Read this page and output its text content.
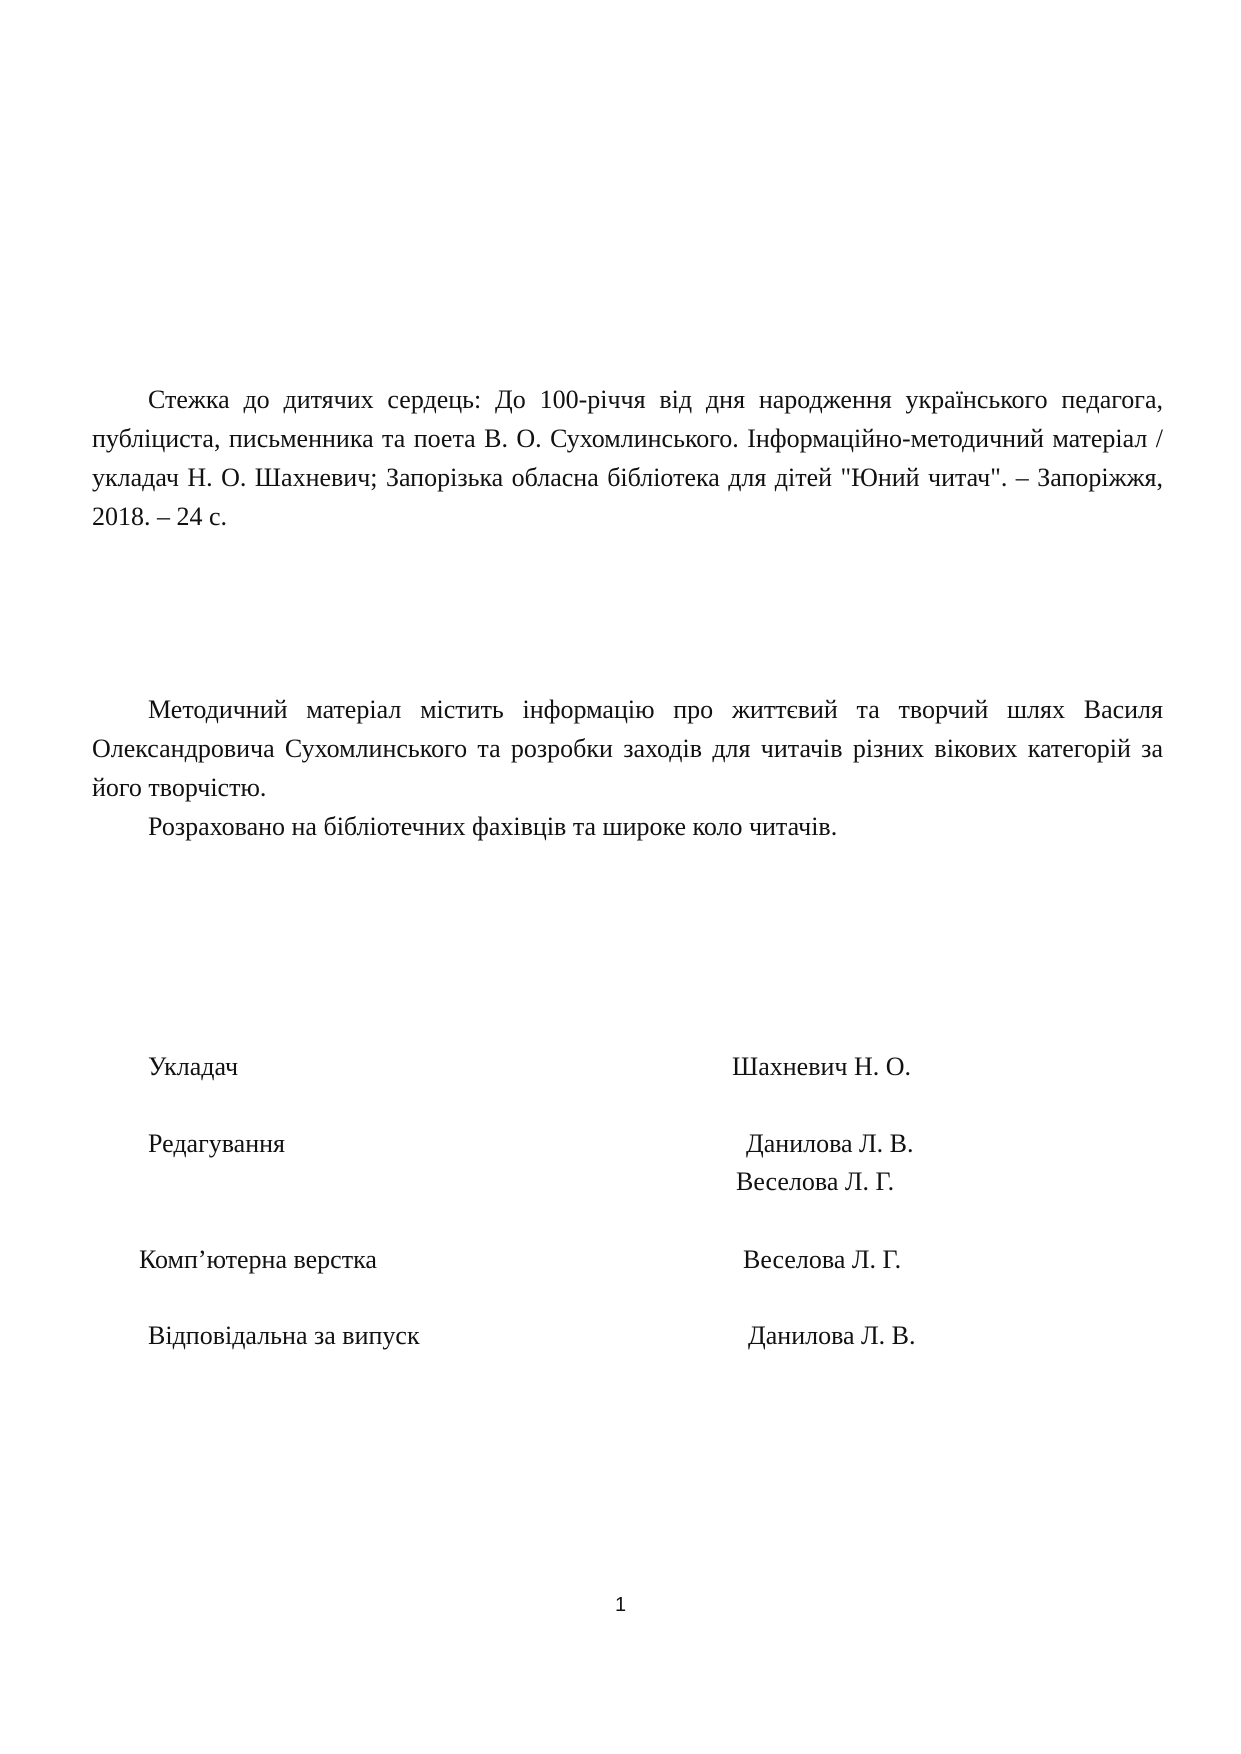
Стежка до дитячих сердець: До 100-річчя від дня народження українського педагога, публіциста, письменника та поета В. О. Сухомлинського. Інформаційно-методичний матеріал / укладач Н. О. Шахневич; Запорізька обласна бібліотека для дітей "Юний читач". – Запоріжжя, 2018. – 24 с.

Методичний матеріал містить інформацію про життєвий та творчий шлях Василя Олександровича Сухомлинського та розробки заходів для читачів різних вікових категорій за його творчістю.

Розраховано на бібліотечних фахівців та широке коло читачів.

Укладач	Шахневич Н. О.
Редагування	Данилова Л. В.
Веселова Л. Г.
Комп’ютерна верстка	Веселова Л. Г.
Відповідальна за випуск	Данилова Л. В.
1
